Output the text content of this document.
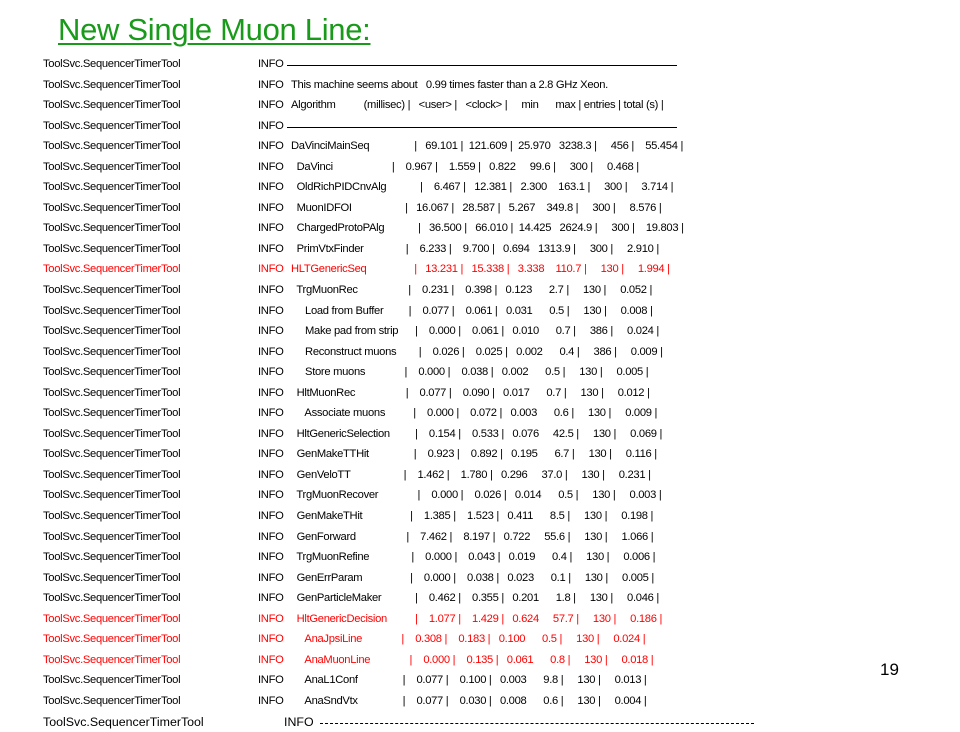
New Single Muon Line:
ToolSvc.SequencerTimerTool	INFO
ToolSvc.SequencerTimerTool	INFO This machine seems about   0.99 times faster than a 2.8 GHz Xeon.
ToolSvc.SequencerTimerTool	INFO Algorithm          (millisec) |   <user> |   <clock> |     min      max | entries | total (s) |
ToolSvc.SequencerTimerTool	INFO
ToolSvc.SequencerTimerTool	INFO DaVinciMainSeq                |   69.101 |  121.609 |  25.970   3238.3 |     456 |    55.454 |
ToolSvc.SequencerTimerTool	INFO DaVinci                     |    0.967 |    1.559 |   0.822     99.6 |     300 |     0.468 |
ToolSvc.SequencerTimerTool	INFO OldRichPIDCnvAlg            |    6.467 |   12.381 |   2.300    163.1 |     300 |     3.714 |
ToolSvc.SequencerTimerTool	INFO MuonIDFOI                   |   16.067 |   28.587 |   5.267    349.8 |     300 |     8.576 |
ToolSvc.SequencerTimerTool	INFO ChargedProtoPAlg            |   36.500 |   66.010 |  14.425   2624.9 |     300 |    19.803 |
ToolSvc.SequencerTimerTool	INFO PrimVtxFinder               |    6.233 |    9.700 |   0.694   1313.9 |     300 |     2.910 |
ToolSvc.SequencerTimerTool	INFO HLTGenericSeq                 |   13.231 |   15.338 |   3.338    110.7 |     130 |     1.994 |
ToolSvc.SequencerTimerTool	INFO TrgMuonRec                  |    0.231 |    0.398 |   0.123      2.7 |     130 |     0.052 |
ToolSvc.SequencerTimerTool	INFO Load from Buffer         |    0.077 |    0.061 |   0.031      0.5 |     130 |     0.008 |
ToolSvc.SequencerTimerTool	INFO Make pad from strip      |    0.000 |    0.061 |   0.010      0.7 |     386 |     0.024 |
ToolSvc.SequencerTimerTool	INFO Reconstruct muons        |    0.026 |    0.025 |   0.002      0.4 |     386 |     0.009 |
ToolSvc.SequencerTimerTool	INFO Store muons              |    0.000 |    0.038 |   0.002      0.5 |     130 |     0.005 |
ToolSvc.SequencerTimerTool	INFO HltMuonRec                  |    0.077 |    0.090 |   0.017      0.7 |     130 |     0.012 |
ToolSvc.SequencerTimerTool	INFO Associate muons          |    0.000 |    0.072 |   0.003      0.6 |     130 |     0.009 |
ToolSvc.SequencerTimerTool	INFO HltGenericSelection         |    0.154 |    0.533 |   0.076     42.5 |     130 |     0.069 |
ToolSvc.SequencerTimerTool	INFO GenMakeTTHit                |    0.923 |    0.892 |   0.195      6.7 |     130 |     0.116 |
ToolSvc.SequencerTimerTool	INFO GenVeloTT                   |    1.462 |    1.780 |   0.296     37.0 |     130 |     0.231 |
ToolSvc.SequencerTimerTool	INFO TrgMuonRecover              |    0.000 |    0.026 |   0.014      0.5 |     130 |     0.003 |
ToolSvc.SequencerTimerTool	INFO GenMakeTHit                 |    1.385 |    1.523 |   0.411      8.5 |     130 |     0.198 |
ToolSvc.SequencerTimerTool	INFO GenForward                  |    7.462 |    8.197 |   0.722     55.6 |     130 |     1.066 |
ToolSvc.SequencerTimerTool	INFO TrgMuonRefine               |    0.000 |    0.043 |   0.019      0.4 |     130 |     0.006 |
ToolSvc.SequencerTimerTool	INFO GenErrParam                 |    0.000 |    0.038 |   0.023      0.1 |     130 |     0.005 |
ToolSvc.SequencerTimerTool	INFO GenParticleMaker            |    0.462 |    0.355 |   0.201      1.8 |     130 |     0.046 |
ToolSvc.SequencerTimerTool	INFO HltGenericDecision          |    1.077 |    1.429 |   0.624     57.7 |     130 |     0.186 |
ToolSvc.SequencerTimerTool	INFO AnaJpsiLine              |    0.308 |    0.183 |   0.100      0.5 |     130 |     0.024 |
ToolSvc.SequencerTimerTool	INFO AnaMuonLine              |    0.000 |    0.135 |   0.061      0.8 |     130 |     0.018 |
ToolSvc.SequencerTimerTool	INFO AnaL1Conf                |    0.077 |    0.100 |   0.003      9.8 |     130 |     0.013 |
ToolSvc.SequencerTimerTool	INFO AnaSndVtx                |    0.077 |    0.030 |   0.008      0.6 |     130 |     0.004 |
ToolSvc.SequencerTimerTool	INFO
19
